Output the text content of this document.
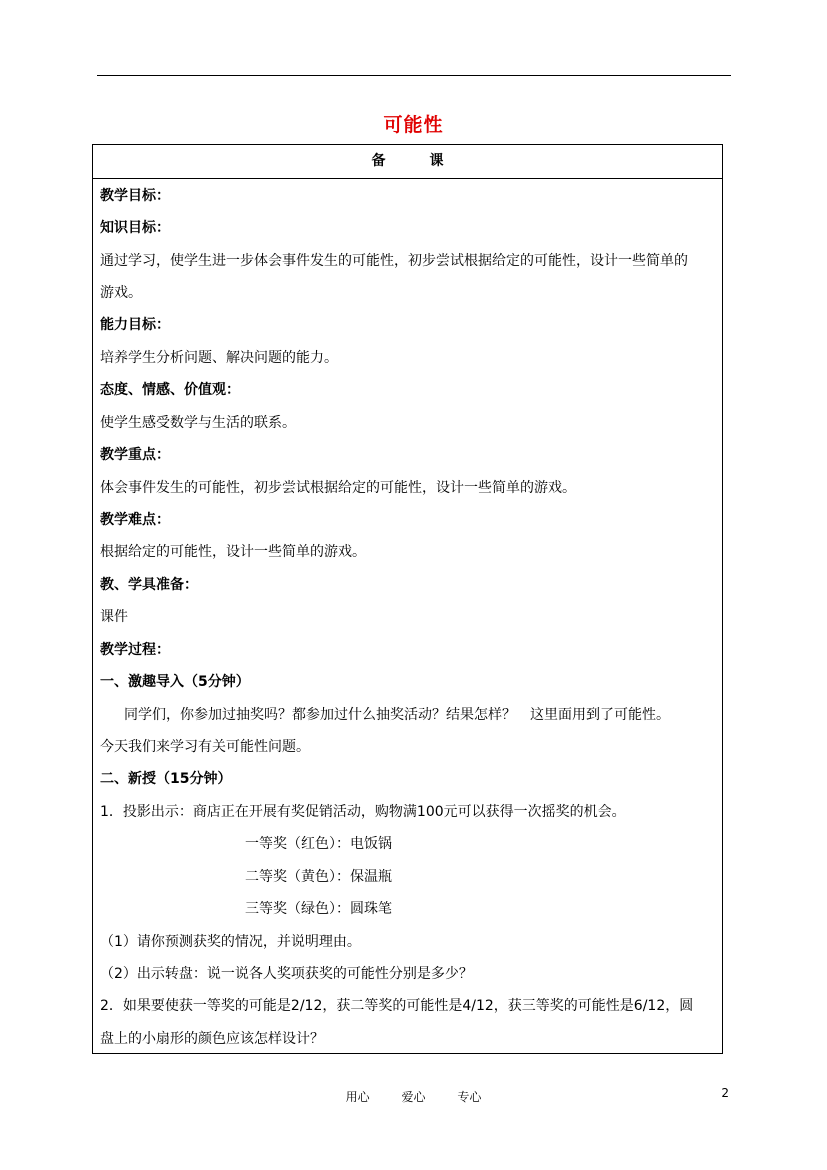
可能性
备	课
教学目标：
知识目标：
通过学习，使学生进一步体会事件发生的可能性，初步尝试根据给定的可能性，设计一些简单的
游戏。
能力目标：
培养学生分析问题、解决问题的能力。
态度、情感、价值观：
使学生感受数学与生活的联系。
教学重点：
体会事件发生的可能性，初步尝试根据给定的可能性，设计一些简单的游戏。
教学难点：
根据给定的可能性，设计一些简单的游戏。
教、学具准备：
课件
教学过程：
一、激趣导入（5分钟）
同学们，你参加过抽奖吗？都参加过什么抽奖活动？结果怎样？　这里面用到了可能性。
今天我们来学习有关可能性问题。
二、新授（15分钟）
1．投影出示：商店正在开展有奖促销活动，购物满100元可以获得一次摇奖的机会。
一等奖（红色）：电饭锅
二等奖（黄色）：保温瓶
三等奖（绿色）：圆珠笔
（1）请你预测获奖的情况，并说明理由。
（2）出示转盘：说一说各人奖项获奖的可能性分别是多少？
2．如果要使获一等奖的可能是2/12，获二等奖的可能性是4/12，获三等奖的可能性是6/12，圆
盘上的小扇形的颜色应该怎样设计？
用心	爱心	专心	2
